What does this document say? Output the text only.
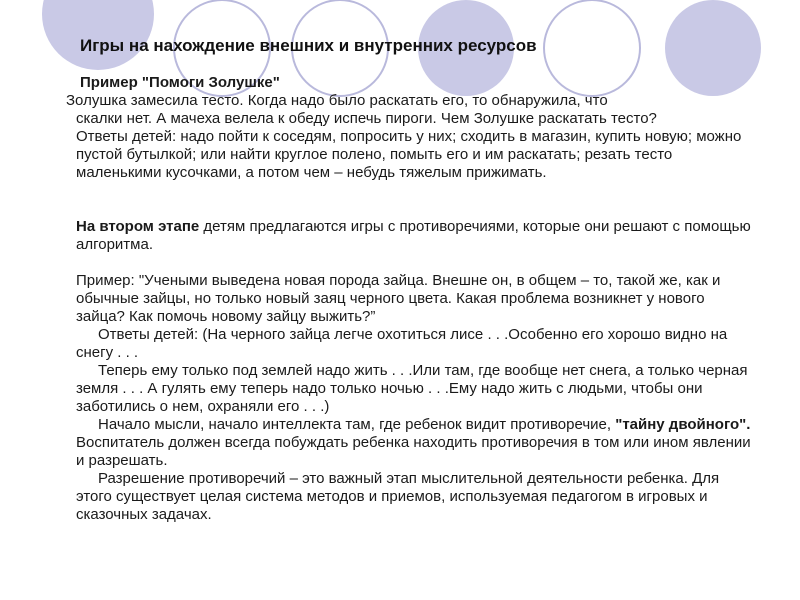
Игры на нахождение внешних и внутренних ресурсов

Пример "Помоги Золушке"

Золушка замесила тесто. Когда надо было раскатать его, то обнаружила, что
скалки нет. А мачеха велела к обеду испечь пироги. Чем Золушке раскатать тесто?

Ответы детей: надо пойти к соседям, попросить у них; сходить в магазин, купить новую; можно пустой бутылкой; или найти круглое полено, помыть его и им раскатать; резать тесто маленькими кусочками, а потом чем – небудь тяжелым прижимать.

На втором этапе детям предлагаются игры с противоречиями, которые они решают с помощью алгоритма.

Пример: "Учеными выведена новая порода зайца. Внешне он, в общем – то, такой же, как и обычные зайцы, но только новый заяц черного цвета. Какая проблема возникнет у нового зайца? Как помочь новому зайцу выжить?”

Ответы детей: (На черного зайца легче охотиться лисе . . .Особенно его хорошо видно на снегу . . .

Теперь ему только под землей надо жить . . .Или там, где вообще нет снега, а только черная земля . . . А гулять ему теперь надо только ночью . . .Ему надо жить с людьми, чтобы они заботились о нем, охраняли его . . .)

Начало мысли, начало интеллекта там, где ребенок видит противоречие, "тайну двойного". Воспитатель должен всегда побуждать ребенка находить противоречия в том или ином явлении и разрешать.

Разрешение противоречий – это важный этап мыслительной деятельности ребенка. Для этого существует целая система методов и приемов, используемая педагогом в игровых и сказочных задачах.
